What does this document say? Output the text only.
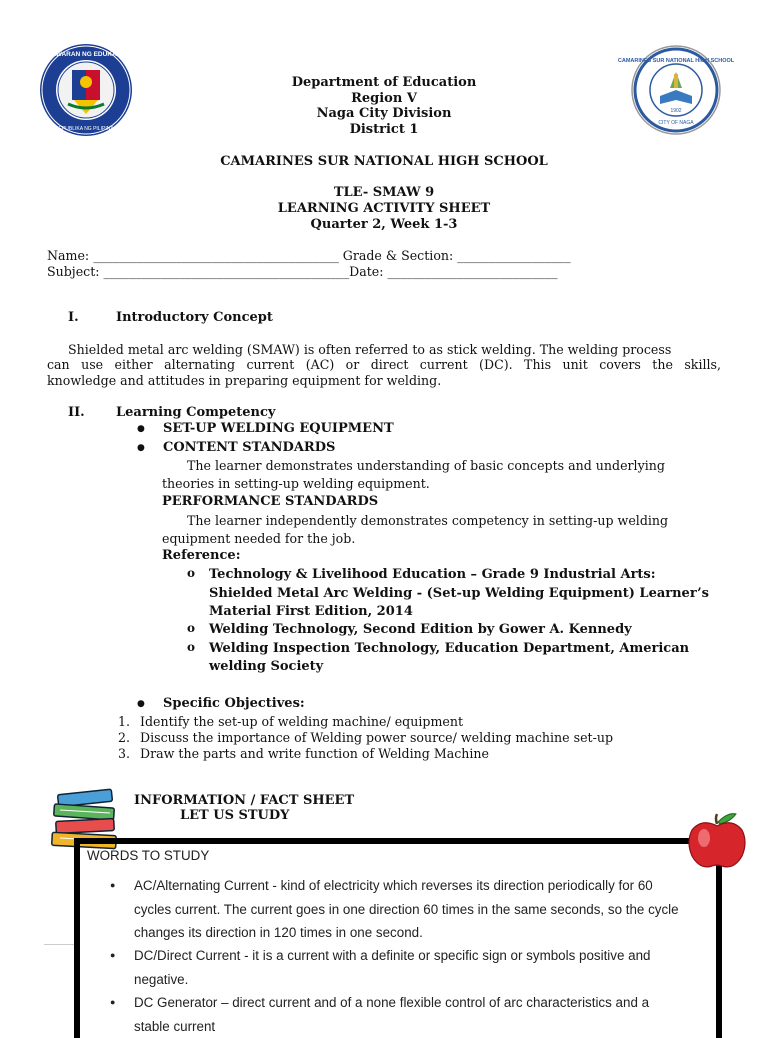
KAGAWARAN NG EDUKASYON
REPUBLIKA NG PILIPINAS
CAMARINES SUR NATIONAL HIGH SCHOOL
1902
CITY OF NAGA
Department of Education
Region V
Naga City Division
District 1
CAMARINES SUR NATIONAL HIGH SCHOOL
TLE- SMAW 9
LEARNING ACTIVITY SHEET
Quarter 2, Week 1-3
Name: _______________________________________ Grade & Section: __________________
Subject: _______________________________________Date: ___________________________
I.	Introductory Concept
Shielded metal arc welding (SMAW) is often referred to as stick welding. The welding process
can use either alternating current (AC) or direct current (DC). This unit covers the skills,
knowledge and attitudes in preparing equipment for welding.
II. Learning Competency
● SET-UP WELDING EQUIPMENT
● CONTENT STANDARDS
The learner demonstrates understanding of basic concepts and underlying
theories in setting-up welding equipment.
PERFORMANCE STANDARDS
The learner independently demonstrates competency in setting-up welding
equipment needed for the job.
Reference:
o Technology & Livelihood Education – Grade 9 Industrial Arts:
Shielded Metal Arc Welding - (Set-up Welding Equipment) Learner’s
Material First Edition, 2014
o Welding Technology, Second Edition by Gower A. Kennedy
o Welding Inspection Technology, Education Department, American
welding Society
● Specific Objectives:
1. Identify the set-up of welding machine/ equipment
2. Discuss the importance of Welding power source/ welding machine set-up
3. Draw the parts and write function of Welding Machine
INFORMATION / FACT SHEET
LET US STUDY
WORDS TO STUDY
● AC/Alternating Current - kind of electricity which reverses its direction periodically for 60
cycles current. The current goes in one direction 60 times in the same seconds, so the cycle
changes its direction in 120 times in one second.
● DC/Direct Current - it is a current with a definite or specific sign or symbols positive and
negative.
● DC Generator – direct current and of a none flexible control of arc characteristics and a
stable current
